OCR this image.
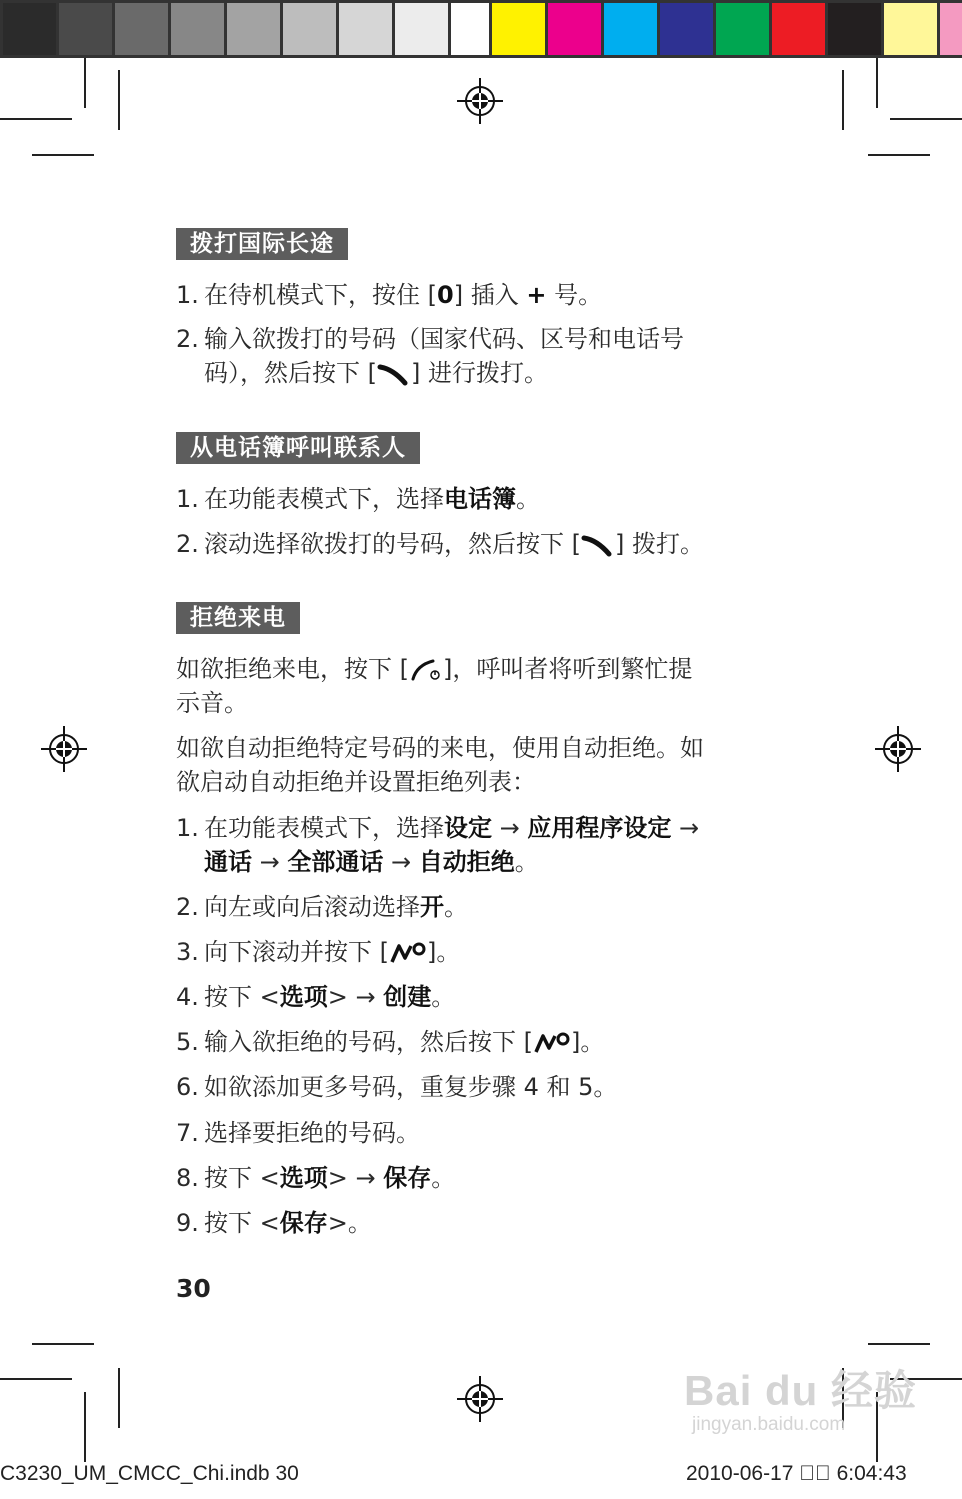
拨打国际长途
1. 在待机模式下，按住 [0] 插入 + 号。
2. 输入欲拨打的号码（国家代码、区号和电话号
码），然后按下 [ ] 进行拨打。
从电话簿呼叫联系人
1. 在功能表模式下，选择电话簿。
2. 滚动选择欲拨打的号码，然后按下 [ ] 拨打。
拒绝来电
如欲拒绝来电，按下 [ ]，呼叫者将听到繁忙提
示音。
如欲自动拒绝特定号码的来电，使用自动拒绝。如
欲启动自动拒绝并设置拒绝列表：
1. 在功能表模式下，选择设定 → 应用程序设定 →
通话 → 全部通话 → 自动拒绝。
2. 向左或向后滚动选择开。
3. 向下滚动并按下 [ ]。
4. 按下 <选项> → 创建。
5. 输入欲拒绝的号码，然后按下 [ ]。
6. 如欲添加更多号码，重复步骤 4 和 5。
7. 选择要拒绝的号码。
8. 按下 <选项> → 保存。
9. 按下 <保存>。
30
Bai du 经验
jingyan.baidu.com
C3230_UM_CMCC_Chi.indb 30	2010-06-17 ￿￿ 6:04:43
